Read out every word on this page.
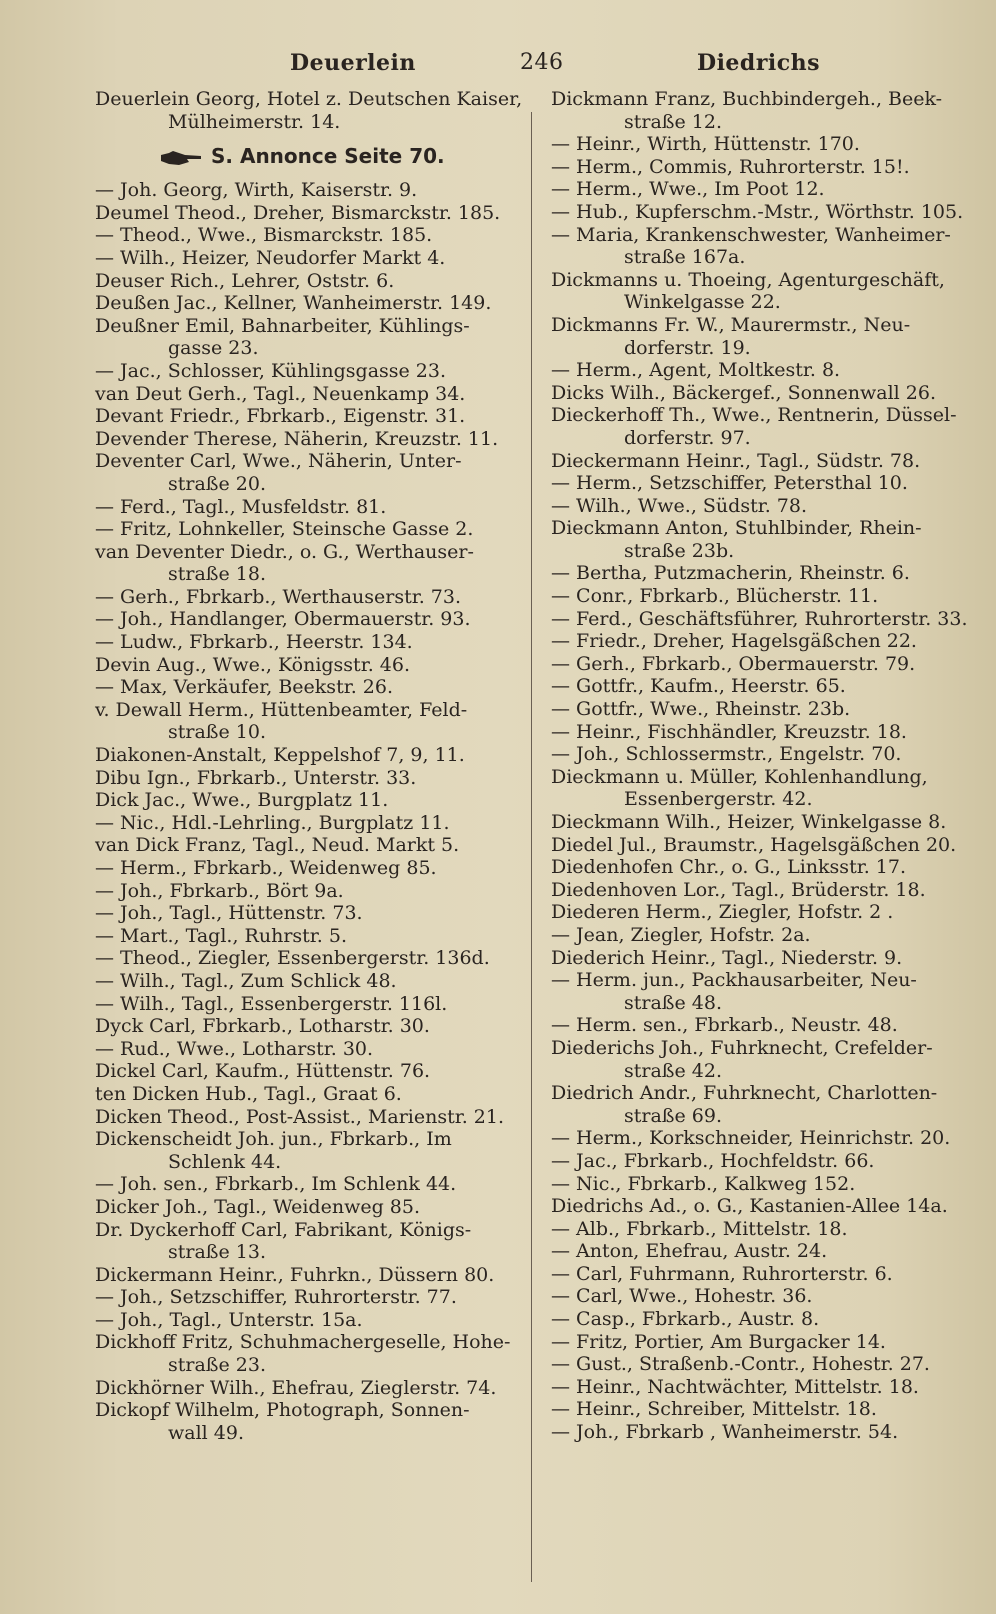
Deuerlein	246	Diedrichs
Deuerlein Georg, Hotel z. Deutschen Kaiser,
Mülheimerstr. 14.
S. Annonce Seite 70.
— Joh. Georg, Wirth, Kaiserstr. 9.
Deumel Theod., Dreher, Bismarckstr. 185.
— Theod., Wwe., Bismarckstr. 185.
— Wilh., Heizer, Neudorfer Markt 4.
Deuser Rich., Lehrer, Oststr. 6.
Deußen Jac., Kellner, Wanheimerstr. 149.
Deußner Emil, Bahnarbeiter, Kühlings-
gasse 23.
— Jac., Schlosser, Kühlingsgasse 23.
van Deut Gerh., Tagl., Neuenkamp 34.
Devant Friedr., Fbrkarb., Eigenstr. 31.
Devender Therese, Näherin, Kreuzstr. 11.
Deventer Carl, Wwe., Näherin, Unter-
straße 20.
— Ferd., Tagl., Musfeldstr. 81.
— Fritz, Lohnkeller, Steinsche Gasse 2.
van Deventer Diedr., o. G., Werthauser-
straße 18.
— Gerh., Fbrkarb., Werthauserstr. 73.
— Joh., Handlanger, Obermauerstr. 93.
— Ludw., Fbrkarb., Heerstr. 134.
Devin Aug., Wwe., Königsstr. 46.
— Max, Verkäufer, Beekstr. 26.
v. Dewall Herm., Hüttenbeamter, Feld-
straße 10.
Diakonen-Anstalt, Keppelshof 7, 9, 11.
Dibu Ign., Fbrkarb., Unterstr. 33.
Dick Jac., Wwe., Burgplatz 11.
— Nic., Hdl.-Lehrling., Burgplatz 11.
van Dick Franz, Tagl., Neud. Markt 5.
— Herm., Fbrkarb., Weidenweg 85.
— Joh., Fbrkarb., Bört 9a.
— Joh., Tagl., Hüttenstr. 73.
— Mart., Tagl., Ruhrstr. 5.
— Theod., Ziegler, Essenbergerstr. 136d.
— Wilh., Tagl., Zum Schlick 48.
— Wilh., Tagl., Essenbergerstr. 116l.
Dyck Carl, Fbrkarb., Lotharstr. 30.
— Rud., Wwe., Lotharstr. 30.
Dickel Carl, Kaufm., Hüttenstr. 76.
ten Dicken Hub., Tagl., Graat 6.
Dicken Theod., Post-Assist., Marienstr. 21.
Dickenscheidt Joh. jun., Fbrkarb., Im
Schlenk 44.
— Joh. sen., Fbrkarb., Im Schlenk 44.
Dicker Joh., Tagl., Weidenweg 85.
Dr. Dyckerhoff Carl, Fabrikant, Königs-
straße 13.
Dickermann Heinr., Fuhrkn., Düssern 80.
— Joh., Setzschiffer, Ruhrorterstr. 77.
— Joh., Tagl., Unterstr. 15a.
Dickhoff Fritz, Schuhmachergeselle, Hohe-
straße 23.
Dickhörner Wilh., Ehefrau, Zieglerstr. 74.
Dickopf Wilhelm, Photograph, Sonnen-
wall 49.
Dickmann Franz, Buchbindergeh., Beek-
straße 12.
— Heinr., Wirth, Hüttenstr. 170.
— Herm., Commis, Ruhrorterstr. 15!.
— Herm., Wwe., Im Poot 12.
— Hub., Kupferschm.-Mstr., Wörthstr. 105.
— Maria, Krankenschwester, Wanheimer-
straße 167a.
Dickmanns u. Thoeing, Agenturgeschäft,
Winkelgasse 22.
Dickmanns Fr. W., Maurermstr., Neu-
dorferstr. 19.
— Herm., Agent, Moltkestr. 8.
Dicks Wilh., Bäckergef., Sonnenwall 26.
Dieckerhoff Th., Wwe., Rentnerin, Düssel-
dorferstr. 97.
Dieckermann Heinr., Tagl., Südstr. 78.
— Herm., Setzschiffer, Petersthal 10.
— Wilh., Wwe., Südstr. 78.
Dieckmann Anton, Stuhlbinder, Rhein-
straße 23b.
— Bertha, Putzmacherin, Rheinstr. 6.
— Conr., Fbrkarb., Blücherstr. 11.
— Ferd., Geschäftsführer, Ruhrorterstr. 33.
— Friedr., Dreher, Hagelsgäßchen 22.
— Gerh., Fbrkarb., Obermauerstr. 79.
— Gottfr., Kaufm., Heerstr. 65.
— Gottfr., Wwe., Rheinstr. 23b.
— Heinr., Fischhändler, Kreuzstr. 18.
— Joh., Schlossermstr., Engelstr. 70.
Dieckmann u. Müller, Kohlenhandlung,
Essenbergerstr. 42.
Dieckmann Wilh., Heizer, Winkelgasse 8.
Diedel Jul., Braumstr., Hagelsgäßchen 20.
Diedenhofen Chr., o. G., Linksstr. 17.
Diedenhoven Lor., Tagl., Brüderstr. 18.
Diederen Herm., Ziegler, Hofstr. 2 .
— Jean, Ziegler, Hofstr. 2a.
Diederich Heinr., Tagl., Niederstr. 9.
— Herm. jun., Packhausarbeiter, Neu-
straße 48.
— Herm. sen., Fbrkarb., Neustr. 48.
Diederichs Joh., Fuhrknecht, Crefelder-
straße 42.
Diedrich Andr., Fuhrknecht, Charlotten-
straße 69.
— Herm., Korkschneider, Heinrichstr. 20.
— Jac., Fbrkarb., Hochfeldstr. 66.
— Nic., Fbrkarb., Kalkweg 152.
Diedrichs Ad., o. G., Kastanien-Allee 14a.
— Alb., Fbrkarb., Mittelstr. 18.
— Anton, Ehefrau, Austr. 24.
— Carl, Fuhrmann, Ruhrorterstr. 6.
— Carl, Wwe., Hohestr. 36.
— Casp., Fbrkarb., Austr. 8.
— Fritz, Portier, Am Burgacker 14.
— Gust., Straßenb.-Contr., Hohestr. 27.
— Heinr., Nachtwächter, Mittelstr. 18.
— Heinr., Schreiber, Mittelstr. 18.
— Joh., Fbrkarb , Wanheimerstr. 54.
